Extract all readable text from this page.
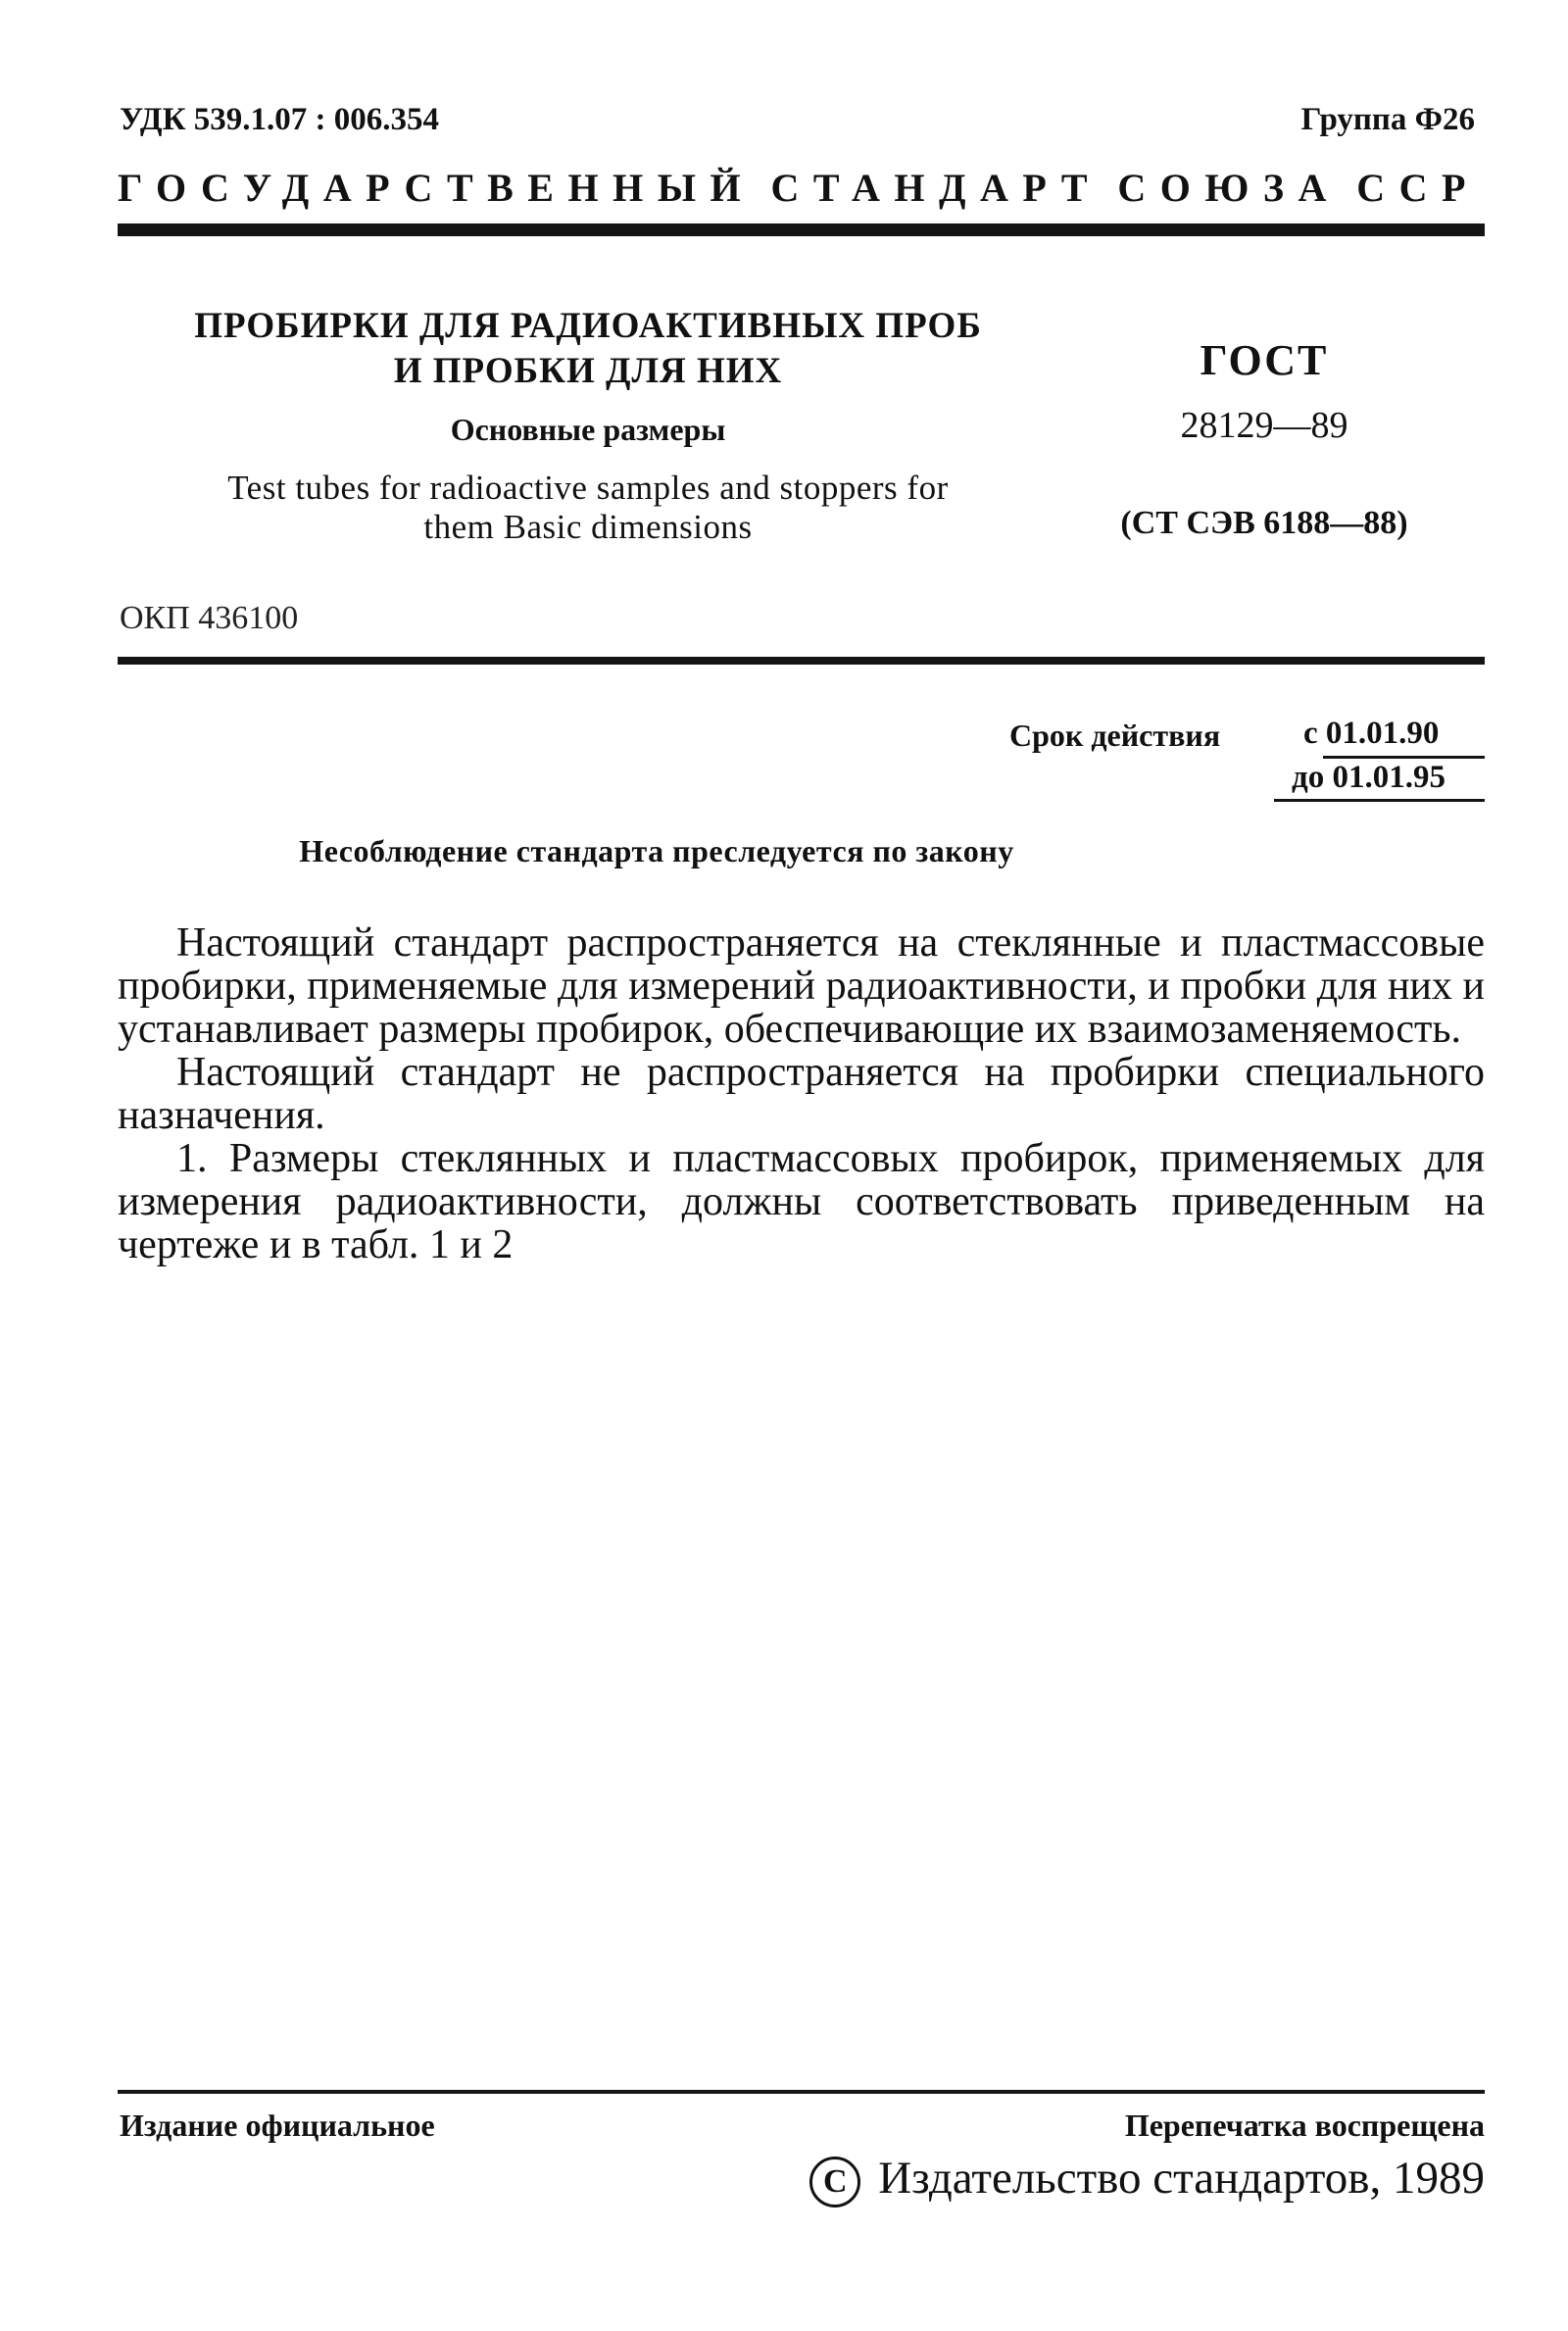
УДК 539.1.07 : 006.354	Группа Ф26
ГОСУДАРСТВЕННЫЙ СТАНДАРТ СОЮЗА ССР
ПРОБИРКИ ДЛЯ РАДИОАКТИВНЫХ ПРОБ
И ПРОБКИ ДЛЯ НИХ
Основные размеры
Test tubes for radioactive samples and stoppers for
them Basic dimensions
ГОСТ
28129—89
(СТ СЭВ 6188—88)
ОКП 436100
Срок действия	с 01.01.90
до 01.01.95
Несоблюдение стандарта преследуется по закону

Настоящий стандарт распространяется на стеклянные и пластмассовые пробирки, применяемые для измерений радиоактивности, и пробки для них и устанавливает размеры пробирок, обеспечивающие их взаимозаменяемость.

Настоящий стандарт не распространяется на пробирки специального назначения.

1. Размеры стеклянных и пластмассовых пробирок, применяемых для измерения радиоактивности, должны соответствовать приведенным на чертеже и в табл. 1 и 2

Издание официальное	Перепечатка воспрещена
C Издательство стандартов, 1989
